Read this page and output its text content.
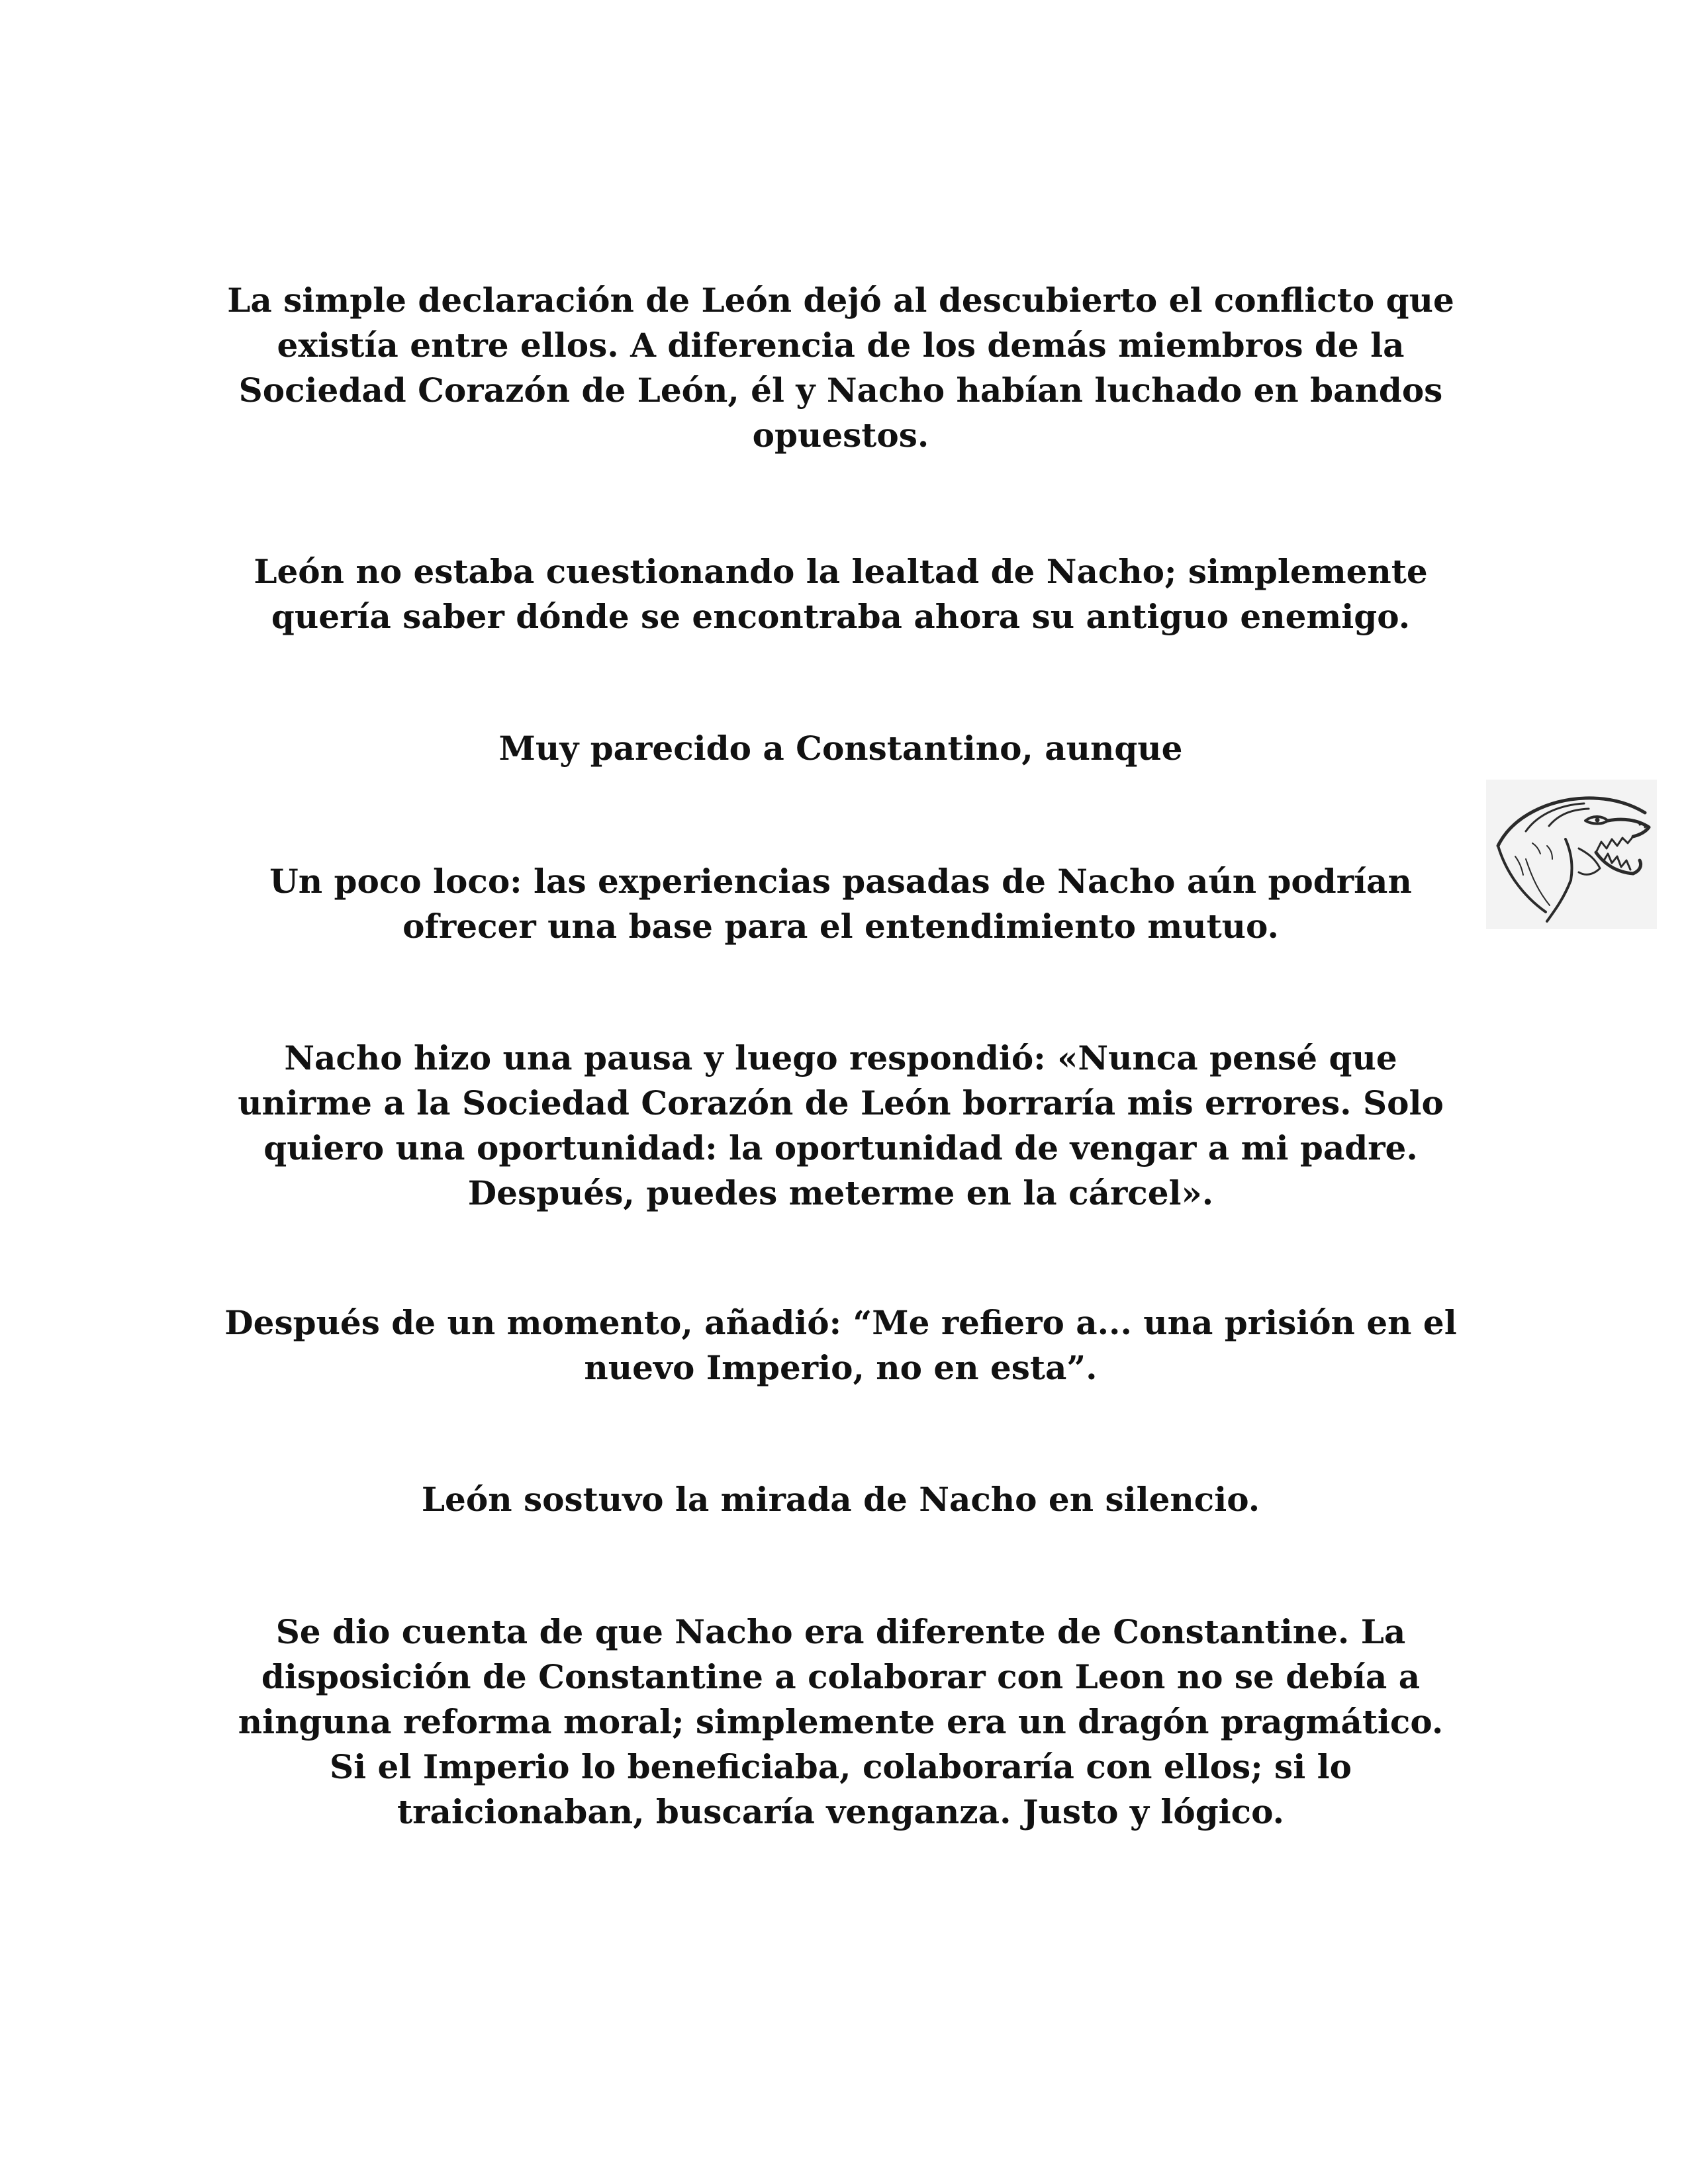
La simple declaración de León dejó al descubierto el conflicto que existía entre ellos. A diferencia de los demás miembros de la Sociedad Corazón de León, él y Nacho habían luchado en bandos opuestos.

León no estaba cuestionando la lealtad de Nacho; simplemente quería saber dónde se encontraba ahora su antiguo enemigo.

Muy parecido a Constantino, aunque

Un poco loco: las experiencias pasadas de Nacho aún podrían ofrecer una base para el entendimiento mutuo.

Nacho hizo una pausa y luego respondió: «Nunca pensé que unirme a la Sociedad Corazón de León borraría mis errores. Solo quiero una oportunidad: la oportunidad de vengar a mi padre. Después, puedes meterme en la cárcel».

Después de un momento, añadió: “Me refiero a... una prisión en el nuevo Imperio, no en esta”.

León sostuvo la mirada de Nacho en silencio.

Se dio cuenta de que Nacho era diferente de Constantine. La disposición de Constantine a colaborar con Leon no se debía a ninguna reforma moral; simplemente era un dragón pragmático. Si el Imperio lo beneficiaba, colaboraría con ellos; si lo traicionaban, buscaría venganza. Justo y lógico.
